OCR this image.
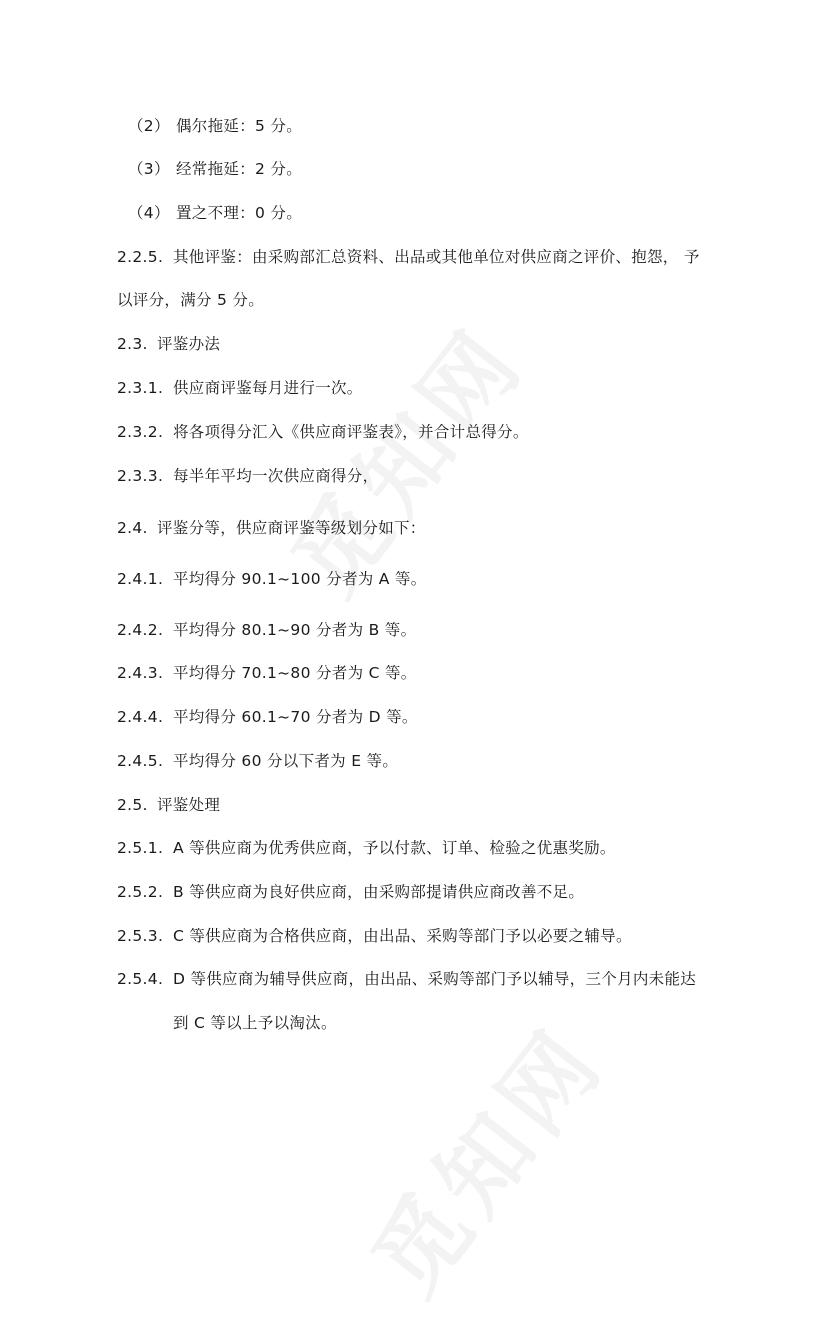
（2） 偶尔拖延：5 分。
（3） 经常拖延：2 分。
（4） 置之不理：0 分。
2.2.5. 其他评鉴：由采购部汇总资料、出品或其他单位对供应商之评价、抱怨， 予
以评分，满分 5 分。
2.3. 评鉴办法
2.3.1. 供应商评鉴每月进行一次。
2.3.2. 将各项得分汇入《供应商评鉴表》，并合计总得分。
2.3.3. 每半年平均一次供应商得分，
2.4. 评鉴分等，供应商评鉴等级划分如下：
2.4.1. 平均得分 90.1~100 分者为 A 等。
2.4.2. 平均得分 80.1~90 分者为 B 等。
2.4.3. 平均得分 70.1~80 分者为 C 等。
2.4.4. 平均得分 60.1~70 分者为 D 等。
2.4.5. 平均得分 60 分以下者为 E 等。
2.5. 评鉴处理
2.5.1. A 等供应商为优秀供应商，予以付款、订单、检验之优惠奖励。
2.5.2. B 等供应商为良好供应商，由采购部提请供应商改善不足。
2.5.3. C 等供应商为合格供应商，由出品、采购等部门予以必要之辅导。
2.5.4. D 等供应商为辅导供应商，由出品、采购等部门予以辅导，三个月内未能达
到 C 等以上予以淘汰。
